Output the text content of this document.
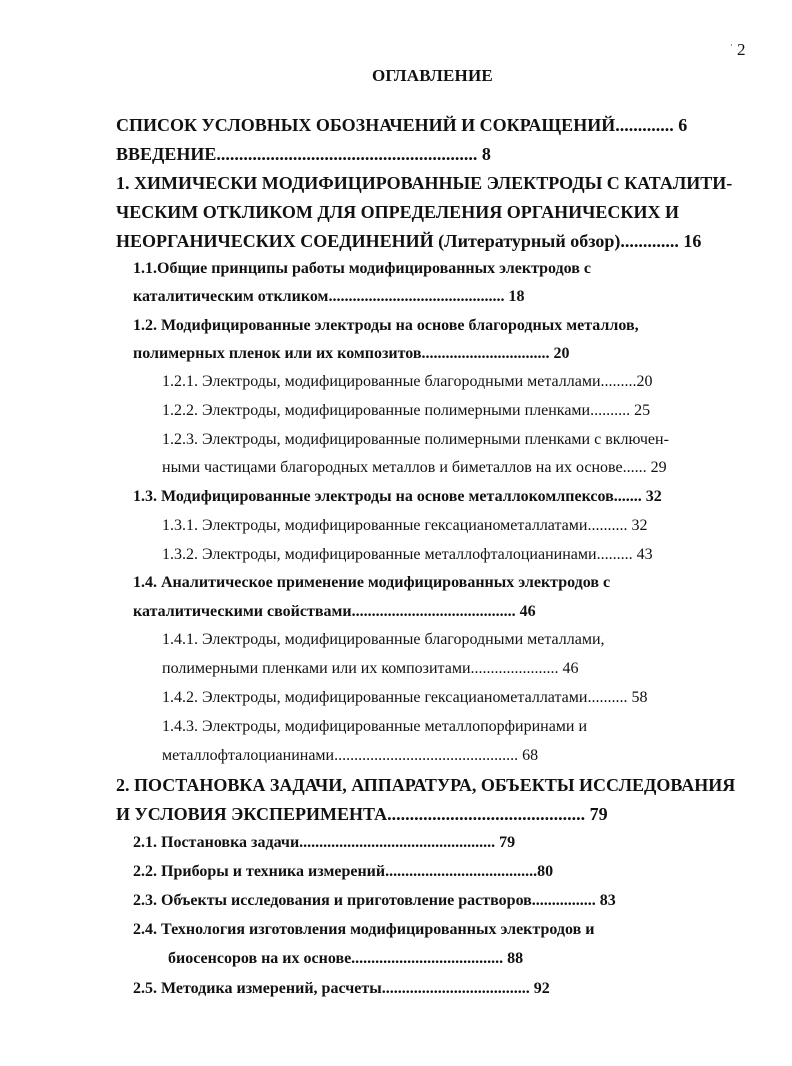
· 2
ОГЛАВЛЕНИЕ
СПИСОК УСЛОВНЫХ ОБОЗНАЧЕНИЙ И СОКРАЩЕНИЙ............. 6
ВВЕДЕНИЕ.......................................................... 8
1. ХИМИЧЕСКИ МОДИФИЦИРОВАННЫЕ ЭЛЕКТРОДЫ С КАТАЛИТИ-
ЧЕСКИМ ОТКЛИКОМ ДЛЯ ОПРЕДЕЛЕНИЯ ОРГАНИЧЕСКИХ И
НЕОРГАНИЧЕСКИХ СОЕДИНЕНИЙ (Литературный обзор)............. 16
1.1.Общие принципы работы модифицированных электродов с
каталитическим откликом............................................ 18
1.2. Модифицированные электроды на основе благородных металлов,
полимерных пленок или их композитов................................ 20
1.2.1. Электроды, модифицированные благородными металлами.........20
1.2.2. Электроды, модифицированные полимерными пленками.......... 25
1.2.3. Электроды, модифицированные полимерными пленками с включен-
ными частицами благородных металлов и биметаллов на их основе...... 29
1.3. Модифицированные электроды на основе металлокомлпексов....... 32
1.3.1. Электроды, модифицированные гексацианометаллатами.......... 32
1.3.2. Электроды, модифицированные металлофталоцианинами......... 43
1.4. Аналитическое применение модифицированных электродов с
каталитическими свойствами......................................... 46
1.4.1. Электроды, модифицированные благородными металлами,
полимерными пленками или их композитами...................... 46
1.4.2. Электроды, модифицированные гексацианометаллатами.......... 58
1.4.3. Электроды, модифицированные металлопорфиринами и
металлофталоцианинами.............................................. 68
2. ПОСТАНОВКА ЗАДАЧИ, АППАРАТУРА, ОБЪЕКТЫ ИССЛЕДОВАНИЯ
И УСЛОВИЯ ЭКСПЕРИМЕНТА............................................ 79
2.1. Постановка задачи................................................. 79
2.2. Приборы и техника измерений......................................80
2.3. Объекты исследования и приготовление растворов................ 83
2.4. Технология изготовления модифицированных электродов и
биосенсоров на их основе...................................... 88
2.5. Методика измерений, расчеты..................................... 92
